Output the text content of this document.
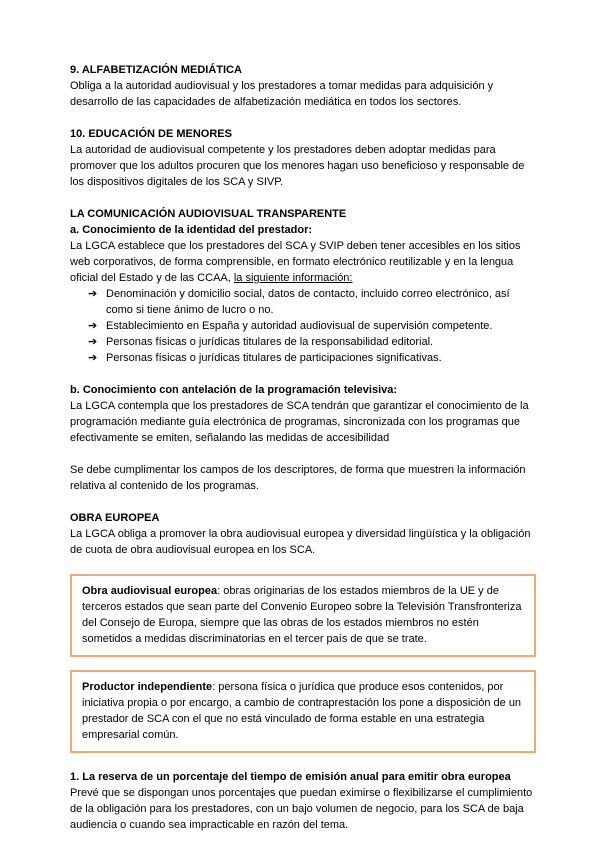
9. ALFABETIZACIÓN MEDIÁTICA

Obliga a la autoridad audiovisual y los prestadores a tomar medidas para adquisición y desarrollo de las capacidades de alfabetización mediática en todos los sectores.

10. EDUCACIÓN DE MENORES

La autoridad de audiovisual competente y los prestadores deben adoptar medidas para promover que los adultos procuren que los menores hagan uso beneficioso y responsable de los dispositivos digitales de los SCA y SIVP.

LA COMUNICACIÓN AUDIOVISUAL TRANSPARENTE

a. Conocimiento de la identidad del prestador:

La LGCA establece que los prestadores del SCA y SVIP deben tener accesibles en los sitios web corporativos, de forma comprensible, en formato electrónico reutilizable y en la lengua oficial del Estado y de las CCAA, la siguiente información:

➔ Denominación y domicilio social, datos de contacto, incluido correo electrónico, así como si tiene ánimo de lucro o no.
➔ Establecimiento en España y autoridad audiovisual de supervisión competente.
➔ Personas físicas o jurídicas titulares de la responsabilidad editorial.
➔ Personas físicas o jurídicas titulares de participaciones significativas.

b. Conocimiento con antelación de la programación televisiva:

La LGCA contempla que los prestadores de SCA tendrán que garantizar el conocimiento de la programación mediante guía electrónica de programas, sincronizada con los programas que efectivamente se emiten, señalando las medidas de accesibilidad

Se debe cumplimentar los campos de los descriptores, de forma que muestren la información relativa al contenido de los programas.

OBRA EUROPEA

La LGCA obliga a promover la obra audiovisual europea y diversidad lingüística y la obligación de cuota de obra audiovisual europea en los SCA.

Obra audiovisual europea: obras originarias de los estados miembros de la UE y de terceros estados que sean parte del Convenio Europeo sobre la Televisión Transfronteriza del Consejo de Europa, siempre que las obras de los estados miembros no estén sometidos a medidas discriminatorias en el tercer país de que se trate.
Productor independiente: persona física o jurídica que produce esos contenidos, por iniciativa propia o por encargo, a cambio de contraprestación los pone a disposición de un prestador de SCA con el que no está vinculado de forma estable en una estrategia empresarial común.

1. La reserva de un porcentaje del tiempo de emisión anual para emitir obra europea

Prevé que se dispongan unos porcentajes que puedan eximirse o flexibilizarse el cumplimiento de la obligación para los prestadores, con un bajo volumen de negocio, para los SCA de baja audiencia o cuando sea impracticable en razón del tema.
